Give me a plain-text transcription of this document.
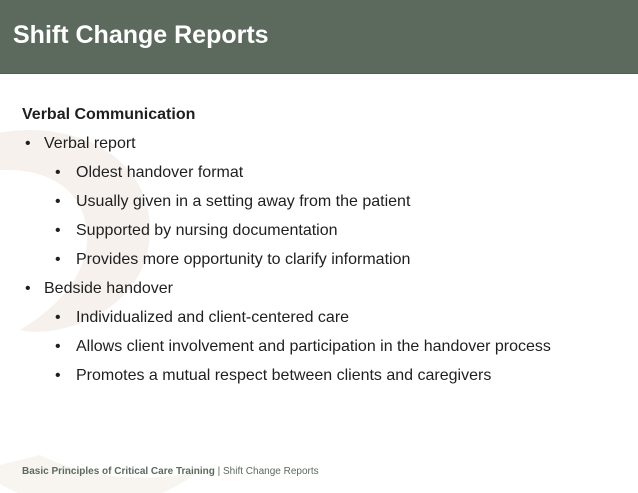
Shift Change Reports
Verbal Communication
• Verbal report
• Oldest handover format
• Usually given in a setting away from the patient
• Supported by nursing documentation
• Provides more opportunity to clarify information
• Bedside handover
• Individualized and client-centered care
• Allows client involvement and participation in the handover process
• Promotes a mutual respect between clients and caregivers
Basic Principles of Critical Care Training | Shift Change Reports
